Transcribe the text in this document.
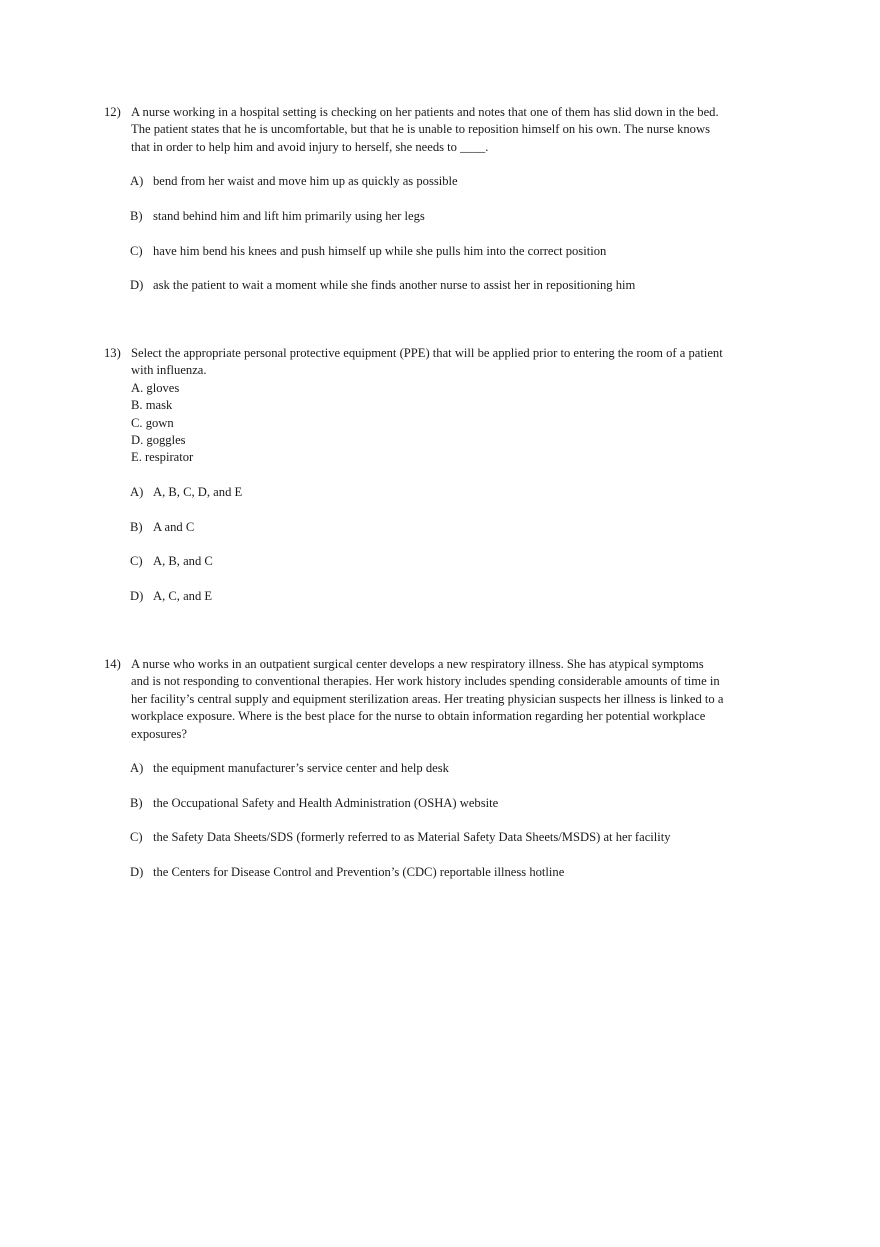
12) A nurse working in a hospital setting is checking on her patients and notes that one of them has slid down in the bed. The patient states that he is uncomfortable, but that he is unable to reposition himself on his own. The nurse knows that in order to help him and avoid injury to herself, she needs to ____.
A) bend from her waist and move him up as quickly as possible
B) stand behind him and lift him primarily using her legs
C) have him bend his knees and push himself up while she pulls him into the correct position
D) ask the patient to wait a moment while she finds another nurse to assist her in repositioning him
13) Select the appropriate personal protective equipment (PPE) that will be applied prior to entering the room of a patient with influenza.
A. gloves
B. mask
C. gown
D. goggles
E. respirator
A) A, B, C, D, and E
B) A and C
C) A, B, and C
D) A, C, and E
14) A nurse who works in an outpatient surgical center develops a new respiratory illness. She has atypical symptoms and is not responding to conventional therapies. Her work history includes spending considerable amounts of time in her facility’s central supply and equipment sterilization areas. Her treating physician suspects her illness is linked to a workplace exposure. Where is the best place for the nurse to obtain information regarding her potential workplace exposures?
A) the equipment manufacturer’s service center and help desk
B) the Occupational Safety and Health Administration (OSHA) website
C) the Safety Data Sheets/SDS (formerly referred to as Material Safety Data Sheets/MSDS) at her facility
D) the Centers for Disease Control and Prevention’s (CDC) reportable illness hotline
